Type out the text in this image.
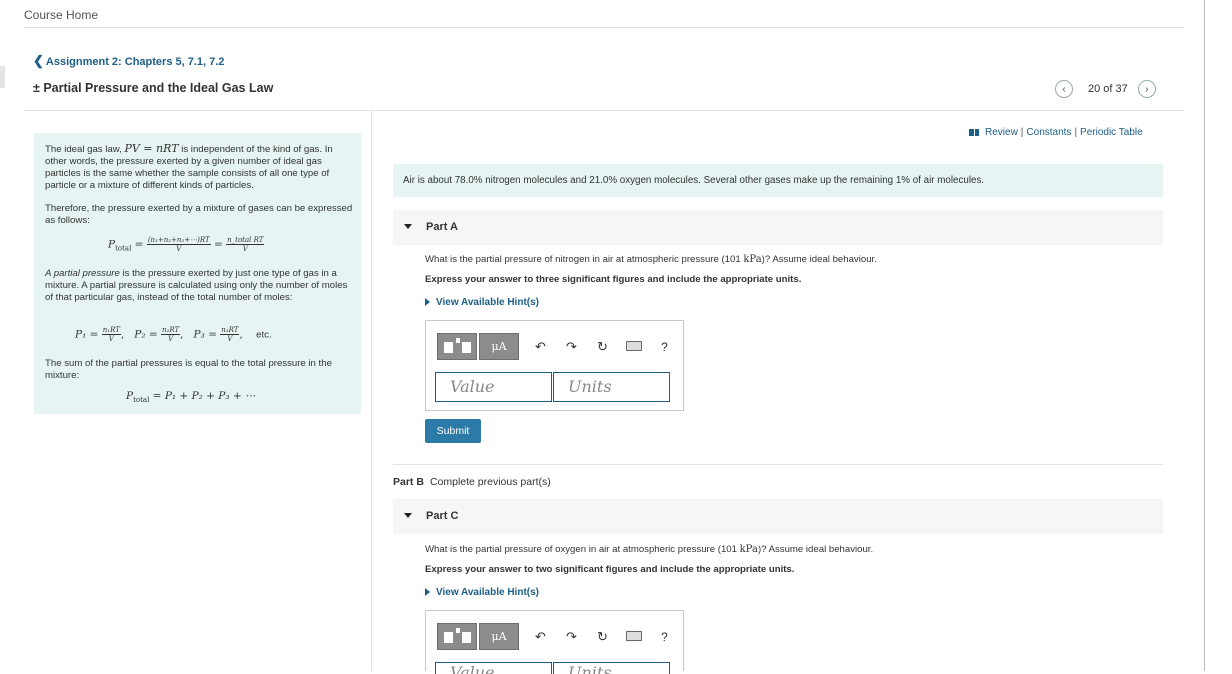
Course Home
❮ Assignment 2: Chapters 5, 7.1, 7.2
± Partial Pressure and the Ideal Gas Law	‹ 20 of 37 ›

The ideal gas law, PV = nRT is independent of the kind of gas. In other words, the pressure exerted by a given number of ideal gas particles is the same whether the sample consists of all one type of particle or a mixture of different kinds of particles.

Therefore, the pressure exerted by a mixture of gases can be expressed as follows:

$P_{total} = \frac{\text{(n₁+n₂+n₃+⋯)RT}}{V} = \frac{\text{n\_total RT}}{V}$

A partial pressure is the pressure exerted by just one type of gas in a mixture. A partial pressure is calculated using only the number of moles of that particular gas, instead of the total number of moles:

$P_1 = \frac{\text{n₁RT}}{V}$ ,   $P_2 = \frac{\text{n₂RT}}{V}$ ,   $P_3 = \frac{\text{n₃RT}}{V}$ ,    etc.

The sum of the partial pressures is equal to the total pressure in the mixture:

$P_{total} = P_1 + P_2 + P_3$ + ⋯
Review | Constants | Periodic Table
Air is about 78.0% nitrogen molecules and 21.0% oxygen molecules. Several other gases make up the remaining 1% of air molecules.
Part A
What is the partial pressure of nitrogen in air at atmospheric pressure (101 kPa)? Assume ideal behaviour.
Express your answer to three significant figures and include the appropriate units.
View Available Hint(s)
μA	↶	↷	↻	?
Value
Units
Submit
Part B Complete previous part(s)
Part C
What is the partial pressure of oxygen in air at atmospheric pressure (101 kPa)? Assume ideal behaviour.
Express your answer to two significant figures and include the appropriate units.
View Available Hint(s)
μA	↶	↷	↻	?
Value
Units
